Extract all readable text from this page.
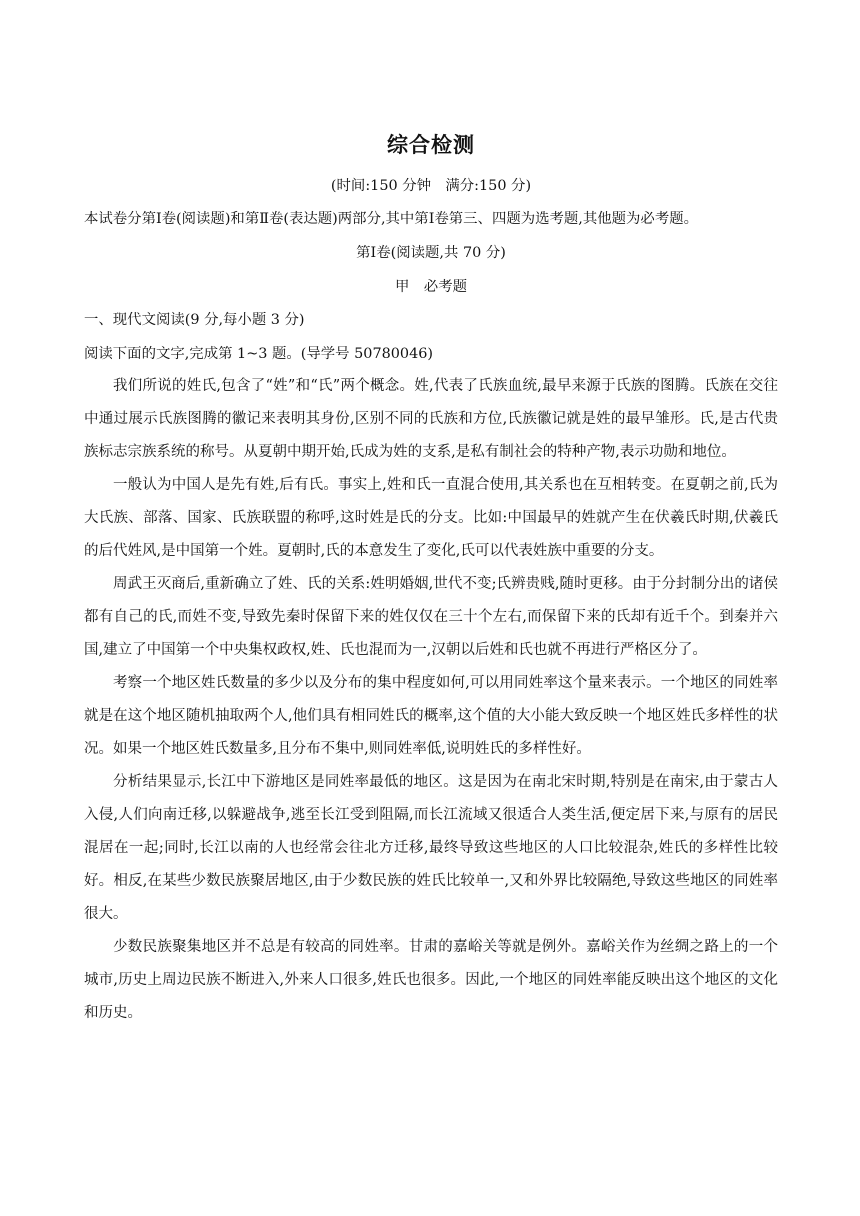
综合检测
(时间:150 分钟　满分:150 分)
本试卷分第Ⅰ卷(阅读题)和第Ⅱ卷(表达题)两部分,其中第Ⅰ卷第三、四题为选考题,其他题为必考题。
第Ⅰ卷(阅读题,共 70 分)
甲　必考题
一、现代文阅读(9 分,每小题 3 分)
阅读下面的文字,完成第 1~3 题。(导学号 50780046)

我们所说的姓氏,包含了“姓”和“氏”两个概念。姓,代表了氏族血统,最早来源于氏族的图腾。氏族在交往中通过展示氏族图腾的徽记来表明其身份,区别不同的氏族和方位,氏族徽记就是姓的最早雏形。氏,是古代贵族标志宗族系统的称号。从夏朝中期开始,氏成为姓的支系,是私有制社会的特种产物,表示功勋和地位。

一般认为中国人是先有姓,后有氏。事实上,姓和氏一直混合使用,其关系也在互相转变。在夏朝之前,氏为大氏族、部落、国家、氏族联盟的称呼,这时姓是氏的分支。比如:中国最早的姓就产生在伏羲氏时期,伏羲氏的后代姓风,是中国第一个姓。夏朝时,氏的本意发生了变化,氏可以代表姓族中重要的分支。

周武王灭商后,重新确立了姓、氏的关系:姓明婚姻,世代不变;氏辨贵贱,随时更移。由于分封制分出的诸侯都有自己的氏,而姓不变,导致先秦时保留下来的姓仅仅在三十个左右,而保留下来的氏却有近千个。到秦并六国,建立了中国第一个中央集权政权,姓、氏也混而为一,汉朝以后姓和氏也就不再进行严格区分了。

考察一个地区姓氏数量的多少以及分布的集中程度如何,可以用同姓率这个量来表示。一个地区的同姓率就是在这个地区随机抽取两个人,他们具有相同姓氏的概率,这个值的大小能大致反映一个地区姓氏多样性的状况。如果一个地区姓氏数量多,且分布不集中,则同姓率低,说明姓氏的多样性好。

分析结果显示,长江中下游地区是同姓率最低的地区。这是因为在南北宋时期,特别是在南宋,由于蒙古人入侵,人们向南迁移,以躲避战争,逃至长江受到阻隔,而长江流域又很适合人类生活,便定居下来,与原有的居民混居在一起;同时,长江以南的人也经常会往北方迁移,最终导致这些地区的人口比较混杂,姓氏的多样性比较好。相反,在某些少数民族聚居地区,由于少数民族的姓氏比较单一,又和外界比较隔绝,导致这些地区的同姓率很大。

少数民族聚集地区并不总是有较高的同姓率。甘肃的嘉峪关等就是例外。嘉峪关作为丝绸之路上的一个城市,历史上周边民族不断进入,外来人口很多,姓氏也很多。因此,一个地区的同姓率能反映出这个地区的文化和历史。
